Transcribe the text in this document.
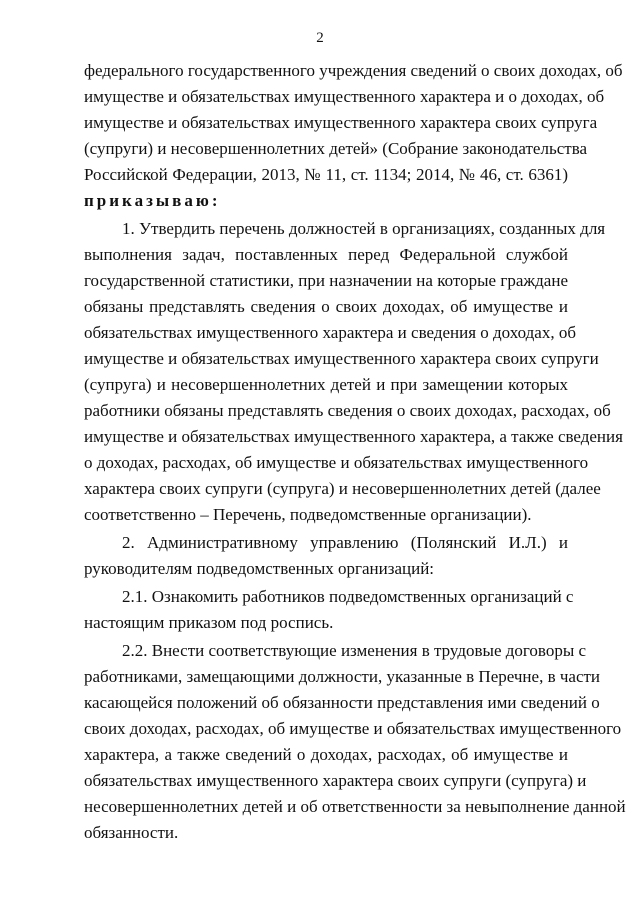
2
федерального государственного учреждения сведений о своих доходах, об
имуществе и обязательствах имущественного характера и о доходах, об
имуществе и обязательствах имущественного характера своих супруга
(супруги) и несовершеннолетних детей» (Собрание законодательства
Российской Федерации, 2013, № 11, ст. 1134; 2014, № 46, ст. 6361)
приказываю:
1. Утвердить перечень должностей в организациях, созданных для
выполнения задач, поставленных перед Федеральной службой
государственной статистики, при назначении на которые граждане
обязаны представлять сведения о своих доходах, об имуществе и
обязательствах имущественного характера и сведения о доходах, об
имуществе и обязательствах имущественного характера своих супруги
(супруга) и несовершеннолетних детей и при замещении которых
работники обязаны представлять сведения о своих доходах, расходах, об
имуществе и обязательствах имущественного характера, а также сведения
о доходах, расходах, об имуществе и обязательствах имущественного
характера своих супруги (супруга) и несовершеннолетних детей (далее
соответственно – Перечень, подведомственные организации).
2. Административному управлению (Полянский И.Л.) и
руководителям подведомственных организаций:
2.1. Ознакомить работников подведомственных организаций с
настоящим приказом под роспись.
2.2. Внести соответствующие изменения в трудовые договоры с
работниками, замещающими должности, указанные в Перечне, в части
касающейся положений об обязанности представления ими сведений о
своих доходах, расходах, об имуществе и обязательствах имущественного
характера, а также сведений о доходах, расходах, об имуществе и
обязательствах имущественного характера своих супруги (супруга) и
несовершеннолетних детей и об ответственности за невыполнение данной
обязанности.
